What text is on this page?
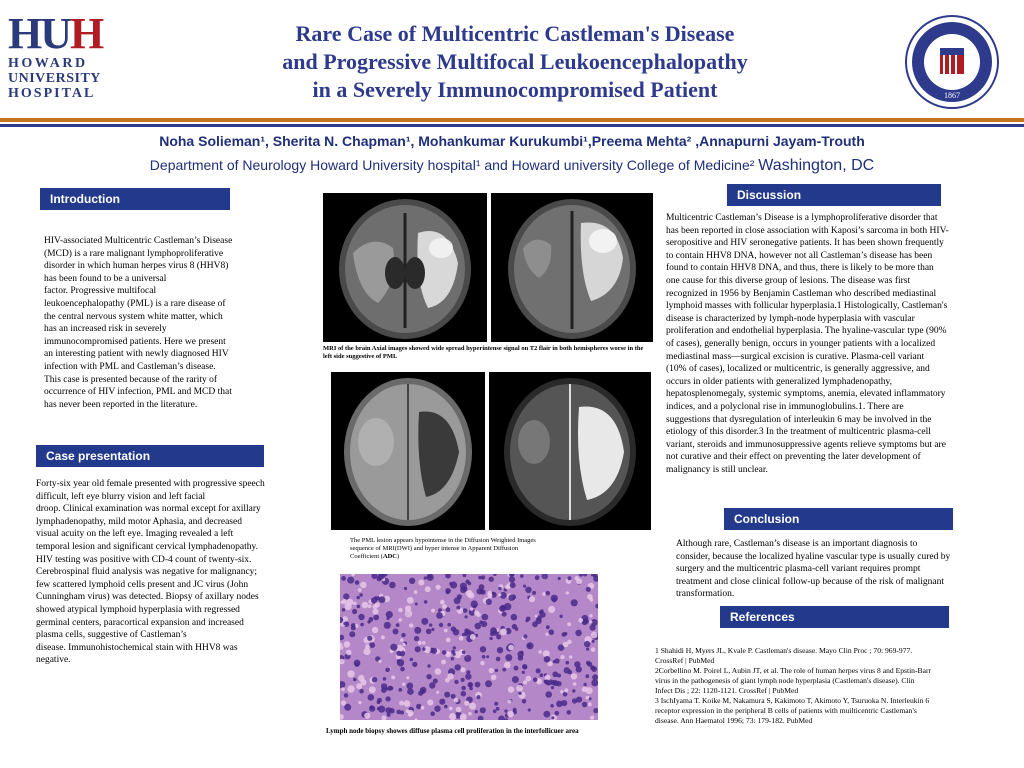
HUH
HOWARD
UNIVERSITY
HOSPITAL
Rare Case of Multicentric Castleman's Disease
and Progressive Multifocal Leukoencephalopathy
in a Severely Immunocompromised Patient	1867
Noha Solieman¹, Sherita N. Chapman¹, Mohankumar Kurukumbi¹,Preema Mehta² ,Annapurni Jayam-Trouth
Department of Neurology Howard University hospital¹ and Howard university College of Medicine² Washington, DC
Introduction
HIV-associated Multicentric Castleman’s Disease
(MCD) is a rare malignant lymphoproliferative
disorder in which human herpes virus 8 (HHV8)
has been found to be a universal
factor. Progressive multifocal
leukoencephalopathy (PML) is a rare disease of
the central nervous system white matter, which
has an increased risk in severely
immunocompromised patients. Here we present
an interesting patient with newly diagnosed HIV
infection with PML and Castleman’s disease.
This case is presented because of the rarity of
occurrence of HIV infection, PML and MCD that
has never been reported in the literature.
Case presentation
Forty-six year old female presented with progressive speech
difficult, left eye blurry vision and left facial
droop. Clinical examination was normal except for axillary
lymphadenopathy, mild motor Aphasia, and decreased
visual acuity on the left eye. Imaging revealed a left
temporal lesion and significant cervical lymphadenopathy.
HIV testing was positive with CD-4 count of twenty-six.
Cerebrospinal fluid analysis was negative for malignancy;
few scattered lymphoid cells present and JC virus (John
Cunningham virus) was detected. Biopsy of axillary nodes
showed atypical lymphoid hyperplasia with regressed
germinal centers, paracortical expansion and increased
plasma cells, suggestive of Castleman’s
disease. Immunohistochemical stain with HHV8 was
negative.
MRI of the brain Axial images showed wide spread hyperintense signal on T2 flair in both hemispheres worse in the left side suggestive of PML
The PML lesion appears hypointense in the Diffusion Weighted Images
sequence of MRI(DWI) and hyper intense in Apparent Diffusion
Coefficient (ADC)
Lymph node biopsy showes diffuse plasma cell proliferation in the interfollicuer area
Discussion
Multicentric Castleman’s Disease is a lymphoproliferative disorder that
has been reported in close association with Kaposi’s sarcoma in both HIV-
seropositive and HIV seronegative patients. It has been shown frequently
to contain HHV8 DNA, however not all Castleman’s disease has been
found to contain HHV8 DNA, and thus, there is likely to be more than
one cause for this diverse group of lesions. The disease was first
recognized in 1956 by Benjamin Castleman who described mediastinal
lymphoid masses with follicular hyperplasia.1 Histologically, Castleman's
disease is characterized by lymph-node hyperplasia with vascular
proliferation and endothelial hyperplasia. The hyaline-vascular type (90%
of cases), generally benign, occurs in younger patients with a localized
mediastinal mass—surgical excision is curative. Plasma-cell variant
(10% of cases), localized or multicentric, is generally aggressive, and
occurs in older patients with generalized lymphadenopathy,
hepatosplenomegaly, systemic symptoms, anemia, elevated inflammatory
indices, and a polyclonal rise in immunoglobulins.1. There are
suggestions that dysregulation of interleukin 6 may be involved in the
etiology of this disorder.3 In the treatment of multicentric plasma-cell
variant, steroids and immunosuppressive agents relieve symptoms but are
not curative and their effect on preventing the later development of
malignancy is still unclear.
Conclusion
Although rare, Castleman’s disease is an important diagnosis to
consider, because the localized hyaline vascular type is usually cured by
surgery and the multicentric plasma-cell variant requires prompt
treatment and close clinical follow-up because of the risk of malignant
transformation.
References
1 Shahidi H, Myers JL, Kvale P. Castleman's disease. Mayo Clin Proc ; 70: 969-977.
CrossRef | PubMed
2Corbellino M. Poirel L, Aubin JT, et al. The role of human herpes virus 8 and Epstin-Barr
virus in the pathogenesis of giant lymph node hyperplasia (Castleman's disease). Clin
Infect Dis ; 22: 1120-1121. CrossRef | PubMed
3 IschIyama T. Koike M, Nakamura S, Kakimoto T, Akimoto Y, Tsuruoka N. Interleukin 6
receptor expression in the peripheral B cells of patients with muilticentric Castleman's
disease. Ann Haematol 1996; 73: 179-182. PubMed
